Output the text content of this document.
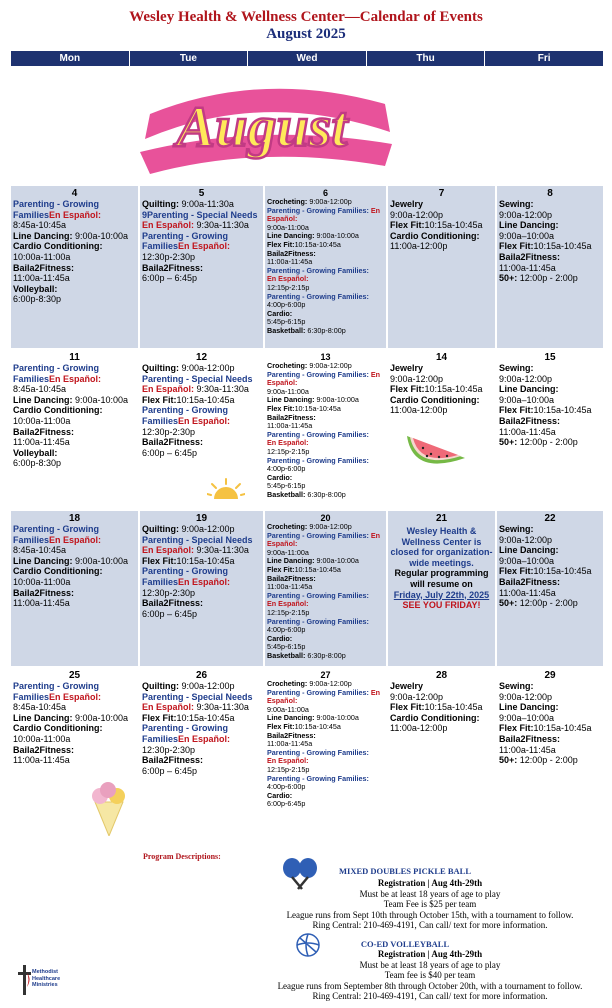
Wesley Health & Wellness Center—Calendar of Events
August 2025
Mon	Tue	Wed	Thu	Fri
August
4
Parenting - Growing FamiliesEn Español:
8:45a-10:45a
Line Dancing: 9:00a-10:00a
Cardio Conditioning:
10:00a-11:00a
Baila2Fitness:
11:00a-11:45a
Volleyball:
6:00p-8:30p
5
Quilting: 9:00a-11:30a
9Parenting - Special Needs
En Español: 9:30a-11:30a
Parenting - Growing FamiliesEn Español:
12:30p-2:30p
Baila2Fitness:
6:00p – 6:45p
6
Crocheting: 9:00a-12:00p
Parenting - Growing Families: En Español:
9:00a-11:00a
Line Dancing: 9:00a-10:00a
Flex Fit:10:15a-10:45a
Baila2Fitness:
11:00a-11:45a
Parenting - Growing Families:
En Español:
12:15p-2:15p
Parenting - Growing Families:
4:00p-6:00p
Cardio:
5:45p-6:15p
Basketball: 6:30p-8:00p
7
Jewelry
9:00a-12:00p
Flex Fit:10:15a-10:45a
Cardio Conditioning:
11:00a-12:00p
8
Sewing:
9:00a-12:00p
Line Dancing:
9:00a–10:00a
Flex Fit:10:15a-10:45a
Baila2Fitness:
11:00a-11:45a
50+: 12:00p - 2:00p
11
Parenting - Growing FamiliesEn Español:
8:45a-10:45a
Line Dancing: 9:00a-10:00a
Cardio Conditioning:
10:00a-11:00a
Baila2Fitness:
11:00a-11:45a
Volleyball:
6:00p-8:30p
12
Quilting: 9:00a-12:00p
Parenting - Special Needs
En Español: 9:30a-11:30a
Flex Fit:10:15a-10:45a
Parenting - Growing FamiliesEn Español:
12:30p-2:30p
Baila2Fitness:
6:00p – 6:45p
13
Crocheting: 9:00a-12:00p
Parenting - Growing Families: En Español:
9:00a-11:00a
Line Dancing: 9:00a-10:00a
Flex Fit:10:15a-10:45a
Baila2Fitness:
11:00a-11:45a
Parenting - Growing Families:
En Español:
12:15p-2:15p
Parenting - Growing Families:
4:00p-6:00p
Cardio:
5:45p-6:15p
Basketball: 6:30p-8:00p
14
Jewelry
9:00a-12:00p
Flex Fit:10:15a-10:45a
Cardio Conditioning:
11:00a-12:00p
15
Sewing:
9:00a-12:00p
Line Dancing:
9:00a–10:00a
Flex Fit:10:15a-10:45a
Baila2Fitness:
11:00a-11:45a
50+: 12:00p - 2:00p
18
Parenting - Growing FamiliesEn Español:
8:45a-10:45a
Line Dancing: 9:00a-10:00a
Cardio Conditioning:
10:00a-11:00a
Baila2Fitness:
11:00a-11:45a
19
Quilting: 9:00a-12:00p
Parenting - Special Needs
En Español: 9:30a-11:30a
Flex Fit:10:15a-10:45a
Parenting - Growing FamiliesEn Español:
12:30p-2:30p
Baila2Fitness:
6:00p – 6:45p
20
Crocheting: 9:00a-12:00p
Parenting - Growing Families: En Español:
9:00a-11:00a
Line Dancing: 9:00a-10:00a
Flex Fit:10:15a-10:45a
Baila2Fitness:
11:00a-11:45a
Parenting - Growing Families:
En Español:
12:15p-2:15p
Parenting - Growing Families:
4:00p-6:00p
Cardio:
5:45p-6:15p
Basketball: 6:30p-8:00p
21
Wesley Health & Wellness Center is closed for organization-wide meetings.
Regular programming will resume on
Friday, July 22th, 2025
SEE YOU FRIDAY!
22
Sewing:
9:00a-12:00p
Line Dancing:
9:00a–10:00a
Flex Fit:10:15a-10:45a
Baila2Fitness:
11:00a-11:45a
50+: 12:00p - 2:00p
25
Parenting - Growing FamiliesEn Español:
8:45a-10:45a
Line Dancing: 9:00a-10:00a
Cardio Conditioning:
10:00a-11:00a
Baila2Fitness:
11:00a-11:45a
26
Quilting: 9:00a-12:00p
Parenting - Special Needs
En Español: 9:30a-11:30a
Flex Fit:10:15a-10:45a
Parenting - Growing FamiliesEn Español:
12:30p-2:30p
Baila2Fitness:
6:00p – 6:45p
27
Crocheting: 9:00a-12:00p
Parenting - Growing Families: En Español:
9:00a-11:00a
Line Dancing: 9:00a-10:00a
Flex Fit:10:15a-10:45a
Baila2Fitness:
11:00a-11:45a
Parenting - Growing Families:
En Español:
12:15p-2:15p
Parenting - Growing Families:
4:00p-6:00p
Cardio:
6:00p-6:45p
28
Jewelry
9:00a-12:00p
Flex Fit:10:15a-10:45a
Cardio Conditioning:
11:00a-12:00p
29
Sewing:
9:00a-12:00p
Line Dancing:
9:00a–10:00a
Flex Fit:10:15a-10:45a
Baila2Fitness:
11:00a-11:45a
50+: 12:00p - 2:00p
Program Descriptions:
MIXED DOUBLES PICKLE BALL
Registration | Aug 4th-29th
Must be at least 18 years of age to play
Team Fee is $25 per team
League runs from Sept 10th through October 15th, with a tournament to follow.
Ring Central: 210-469-4191, Can call/ text for more information.
CO-ED VOLLEYBALL
Registration | Aug 4th-29th
Must be at least 18 years of age to play
Team fee is $40 per team
League runs from September 8th through October 20th, with a tournament to follow.
Ring Central: 210-469-4191, Can call/ text for more information.
Methodist Healthcare Ministries
